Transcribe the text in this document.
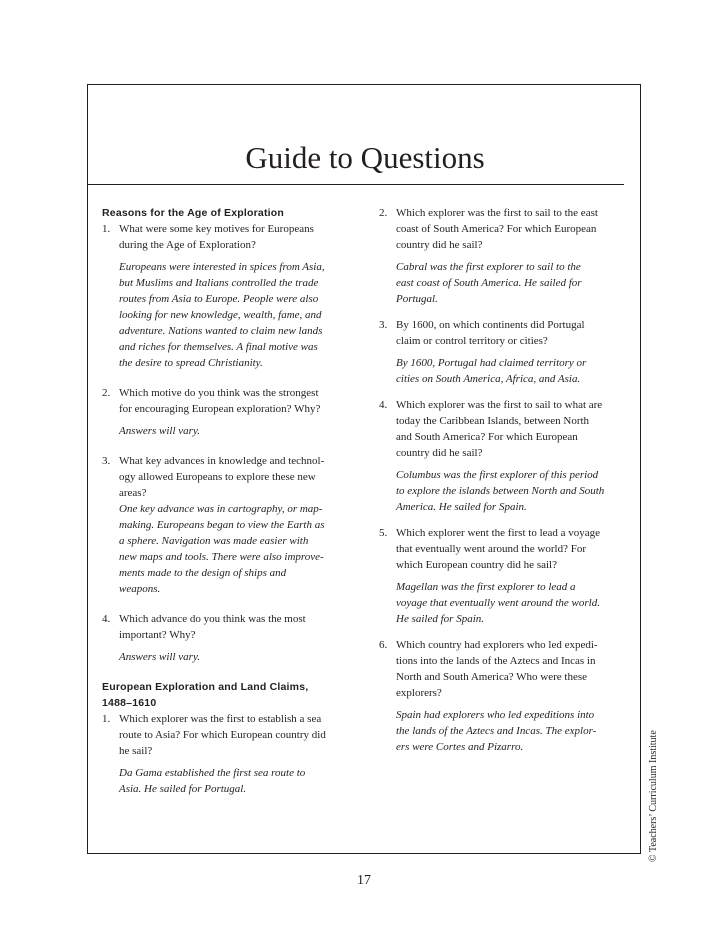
Guide to Questions
Reasons for the Age of Exploration
1. What were some key motives for Europeans
during the Age of Exploration?
Europeans were interested in spices from Asia,
but Muslims and Italians controlled the trade
routes from Asia to Europe. People were also
looking for new knowledge, wealth, fame, and
adventure. Nations wanted to claim new lands
and riches for themselves. A final motive was
the desire to spread Christianity.
2. Which motive do you think was the strongest
for encouraging European exploration? Why?
Answers will vary.
3. What key advances in knowledge and technol-
ogy allowed Europeans to explore these new
areas?
One key advance was in cartography, or map-
making. Europeans began to view the Earth as
a sphere. Navigation was made easier with
new maps and tools. There were also improve-
ments made to the design of ships and
weapons.
4. Which advance do you think was the most
important? Why?
Answers will vary.
European Exploration and Land Claims,
1488–1610
1. Which explorer was the first to establish a sea
route to Asia? For which European country did
he sail?
Da Gama established the first sea route to
Asia. He sailed for Portugal.
2. Which explorer was the first to sail to the east
coast of South America? For which European
country did he sail?
Cabral was the first explorer to sail to the
east coast of South America. He sailed for
Portugal.
3. By 1600, on which continents did Portugal
claim or control territory or cities?
By 1600, Portugal had claimed territory or
cities on South America, Africa, and Asia.
4. Which explorer was the first to sail to what are
today the Caribbean Islands, between North
and South America? For which European
country did he sail?
Columbus was the first explorer of this period
to explore the islands between North and South
America. He sailed for Spain.
5. Which explorer went the first to lead a voyage
that eventually went around the world? For
which European country did he sail?
Magellan was the first explorer to lead a
voyage that eventually went around the world.
He sailed for Spain.
6. Which country had explorers who led expedi-
tions into the lands of the Aztecs and Incas in
North and South America? Who were these
explorers?
Spain had explorers who led expeditions into
the lands of the Aztecs and Incas. The explor-
ers were Cortes and Pizarro.	© Teachers’ Curriculum Institute
17
